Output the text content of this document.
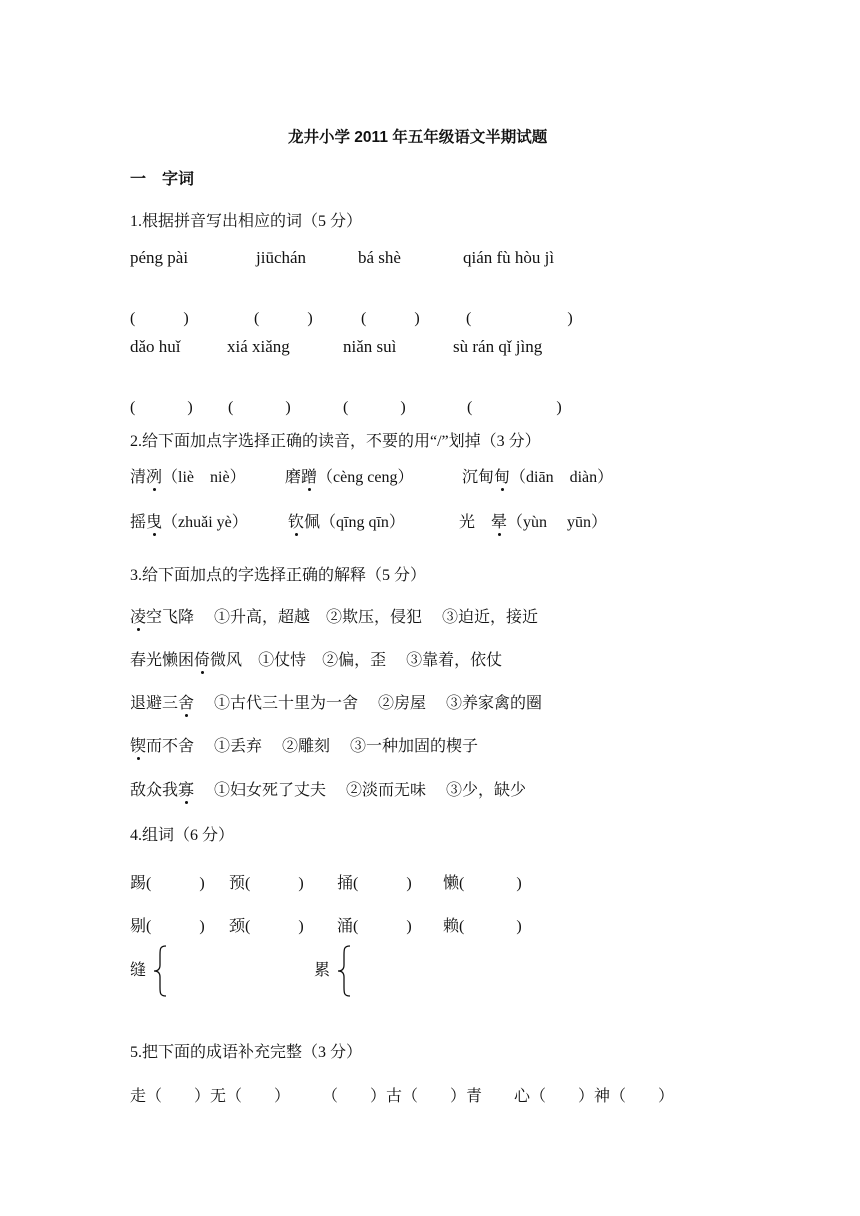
龙井小学 2011 年五年级语文半期试题
一　字词
1.根据拼音写出相应的词（5 分）
péng pài	jiūchán	bá shè	qián fù hòu jì
(　　　)	(　　　)	(　　　)	(　　　　　　)
dǎo huǐ	xiá xiǎng	niǎn suì	sù rán qǐ jìng
(　　　 ) (　　　 )	(　　　 )	(　　　　　 )
2.给下面加点字选择正确的读音，不要的用“/”划掉（3 分）
清冽（liè　niè） 磨蹭（cèng ceng）	沉甸甸（diān　diàn）
摇曳（zhuǎi yè）	钦佩（qīng qīn）	光　晕（yùn　 yūn）
3.给下面加点的字选择正确的解释（5 分）
凌空飞降　 ①升高，超越　②欺压，侵犯　 ③迫近，接近
春光懒困倚微风　 ①仗恃　②偏，歪　 ③靠着，依仗
退避三舍　 ①古代三十里为一舍　 ②房屋　 ③养家禽的圈
锲而不舍　 ①丢弃　 ②雕刻　 ③一种加固的楔子
敌众我寡　 ①妇女死了丈夫　 ②淡而无味　 ③少，缺少
4.组词（6 分）
踢(　　　) 预(　　　) 捅(　　　) 懒(　　　 )
剔(　　　) 颈(　　　) 涌(　　　) 赖(　　　 )
缝	累
5.把下面的成语补充完整（3 分）
走（　　）无（　　）　　　（　　）古（　　）青　　心（　　）神（　　）
